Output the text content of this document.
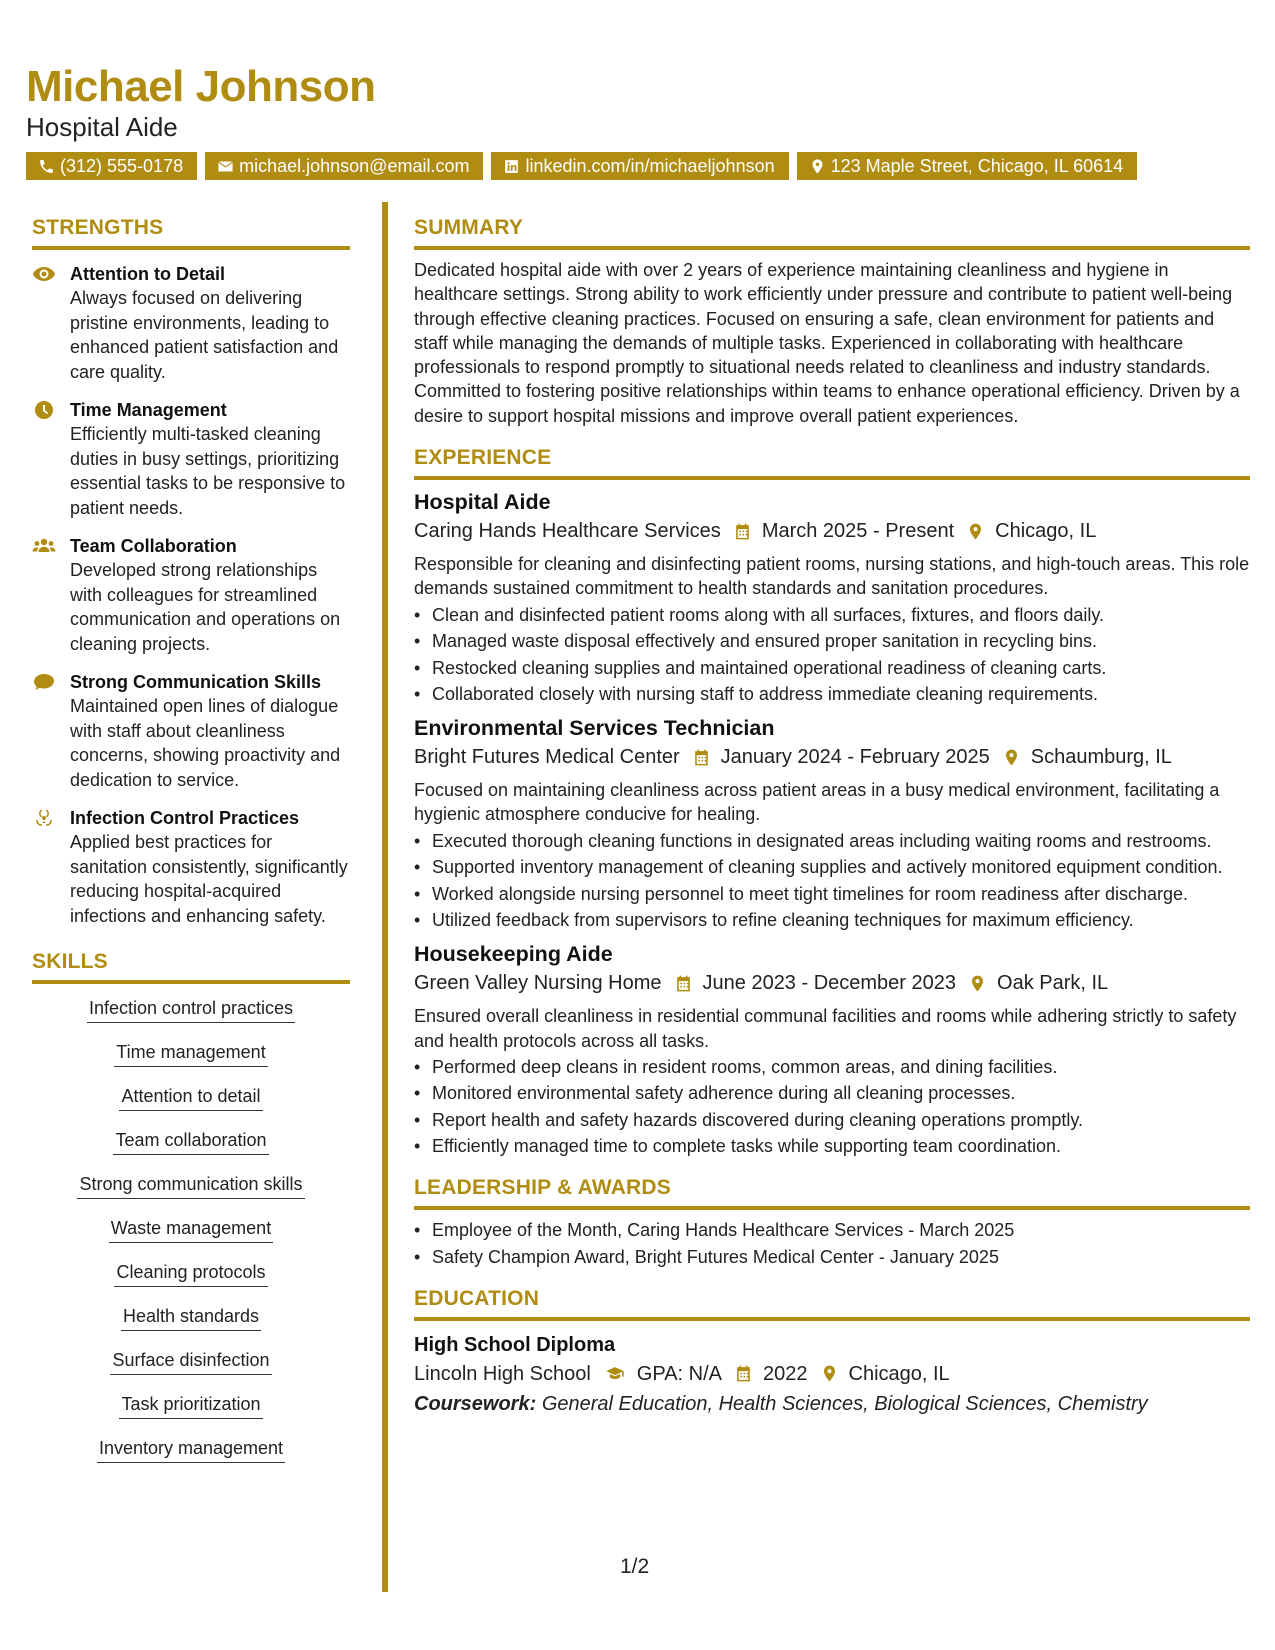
Michael Johnson
Hospital Aide
(312) 555-0178	michael.johnson@email.com	linkedin.com/in/michaeljohnson	123 Maple Street, Chicago, IL 60614
STRENGTHS
Attention to Detail
Always focused on delivering pristine environments, leading to enhanced patient satisfaction and care quality.
Time Management
Efficiently multi-tasked cleaning duties in busy settings, prioritizing essential tasks to be responsive to patient needs.
Team Collaboration
Developed strong relationships with colleagues for streamlined communication and operations on cleaning projects.
Strong Communication Skills
Maintained open lines of dialogue with staff about cleanliness concerns, showing proactivity and dedication to service.
Infection Control Practices
Applied best practices for sanitation consistently, significantly reducing hospital-acquired infections and enhancing safety.
SKILLS
Infection control practices
Time management
Attention to detail
Team collaboration
Strong communication skills
Waste management
Cleaning protocols
Health standards
Surface disinfection
Task prioritization
Inventory management
SUMMARY
Dedicated hospital aide with over 2 years of experience maintaining cleanliness and hygiene in healthcare settings. Strong ability to work efficiently under pressure and contribute to patient well-being through effective cleaning practices. Focused on ensuring a safe, clean environment for patients and staff while managing the demands of multiple tasks. Experienced in collaborating with healthcare professionals to respond promptly to situational needs related to cleanliness and industry standards. Committed to fostering positive relationships within teams to enhance operational efficiency. Driven by a desire to support hospital missions and improve overall patient experiences.
EXPERIENCE
Hospital Aide
Caring Hands Healthcare Services March 2025 - Present Chicago, IL
Responsible for cleaning and disinfecting patient rooms, nursing stations, and high-touch areas. This role demands sustained commitment to health standards and sanitation procedures.
• Clean and disinfected patient rooms along with all surfaces, fixtures, and floors daily.
• Managed waste disposal effectively and ensured proper sanitation in recycling bins.
• Restocked cleaning supplies and maintained operational readiness of cleaning carts.
• Collaborated closely with nursing staff to address immediate cleaning requirements.
Environmental Services Technician
Bright Futures Medical Center January 2024 - February 2025 Schaumburg, IL
Focused on maintaining cleanliness across patient areas in a busy medical environment, facilitating a hygienic atmosphere conducive for healing.
• Executed thorough cleaning functions in designated areas including waiting rooms and restrooms.
• Supported inventory management of cleaning supplies and actively monitored equipment condition.
• Worked alongside nursing personnel to meet tight timelines for room readiness after discharge.
• Utilized feedback from supervisors to refine cleaning techniques for maximum efficiency.
Housekeeping Aide
Green Valley Nursing Home June 2023 - December 2023 Oak Park, IL
Ensured overall cleanliness in residential communal facilities and rooms while adhering strictly to safety and health protocols across all tasks.
• Performed deep cleans in resident rooms, common areas, and dining facilities.
• Monitored environmental safety adherence during all cleaning processes.
• Report health and safety hazards discovered during cleaning operations promptly.
• Efficiently managed time to complete tasks while supporting team coordination.
LEADERSHIP & AWARDS
• Employee of the Month, Caring Hands Healthcare Services - March 2025
• Safety Champion Award, Bright Futures Medical Center - January 2025
EDUCATION
High School Diploma
Lincoln High School GPA: N/A 2022 Chicago, IL
Coursework: General Education, Health Sciences, Biological Sciences, Chemistry
1/2
